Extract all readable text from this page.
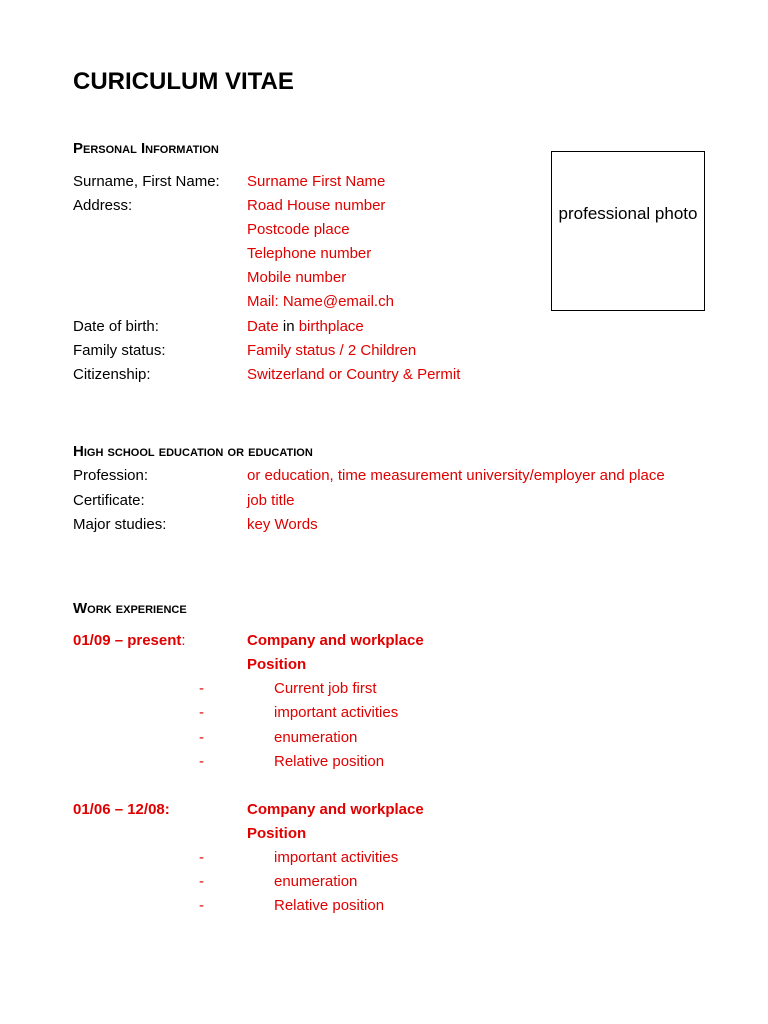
CURICULUM VITAE
Personal Information
Surname, First Name: Surname First Name
Address:	Road House number
Postcode place
Telephone number
Mobile number
Mail: Name@email.ch
Date of birth:	Date in birthplace
Family status:	Family status / 2 Children
Citizenship:	Switzerland or Country & Permit
professional photo
High school education or education
Profession:	or education, time measurement university/employer and place
Certificate:	job title
Major studies:	key Words
Work experience
01/09 – present:	Company and workplace
Position
-	Current job first
-	important activities
-	enumeration
-	Relative position
01/06 – 12/08:	Company and workplace
Position
-	important activities
-	enumeration
-	Relative position
